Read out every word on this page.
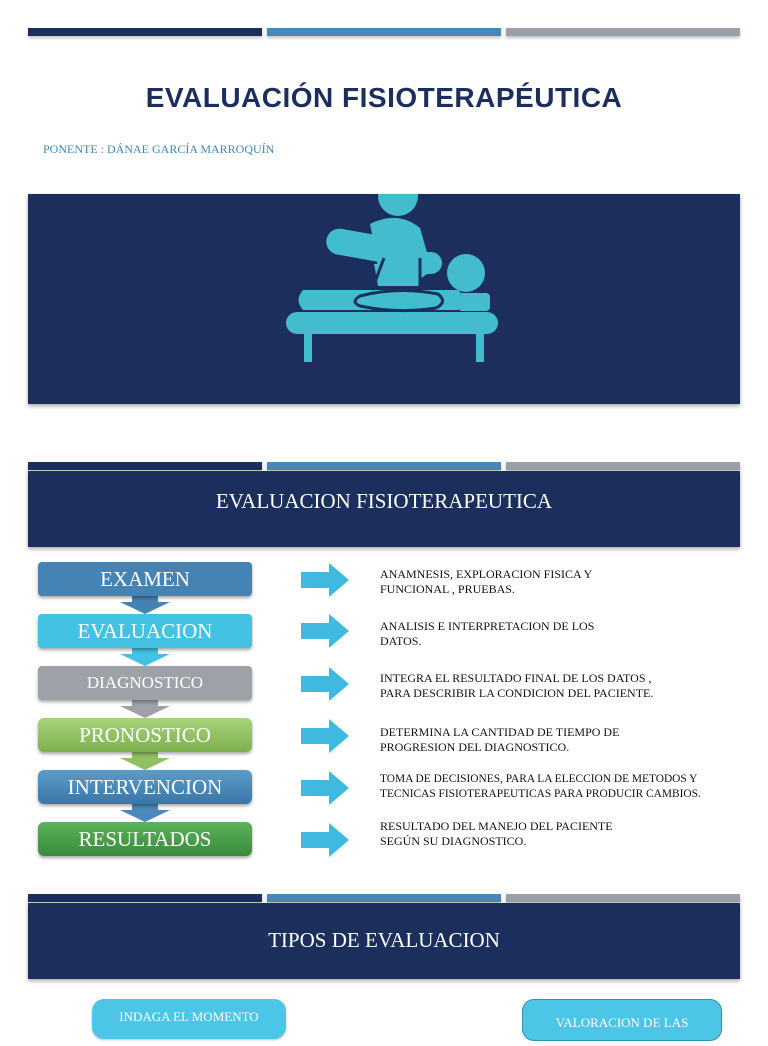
EVALUACIÓN FISIOTERAPÉUTICA
PONENTE : DÁNAE GARCÍA MARROQUÍN
EVALUACION FISIOTERAPEUTICA
EXAMEN
EVALUACION
DIAGNOSTICO
PRONOSTICO
INTERVENCION
RESULTADOS
ANAMNESIS, EXPLORACION FISICA Y
FUNCIONAL , PRUEBAS.
ANALISIS E INTERPRETACION DE LOS
DATOS.
INTEGRA EL RESULTADO FINAL DE LOS DATOS ,
PARA DESCRIBIR LA CONDICION DEL PACIENTE.
DETERMINA LA CANTIDAD DE TIEMPO DE
PROGRESION DEL DIAGNOSTICO.
TOMA DE DECISIONES, PARA LA ELECCION DE METODOS Y
TECNICAS FISIOTERAPEUTICAS PARA PRODUCIR CAMBIOS.
RESULTADO DEL MANEJO DEL PACIENTE
SEGÚN SU DIAGNOSTICO.
TIPOS DE EVALUACION
INDAGA EL MOMENTO	VALORACION DE LAS
